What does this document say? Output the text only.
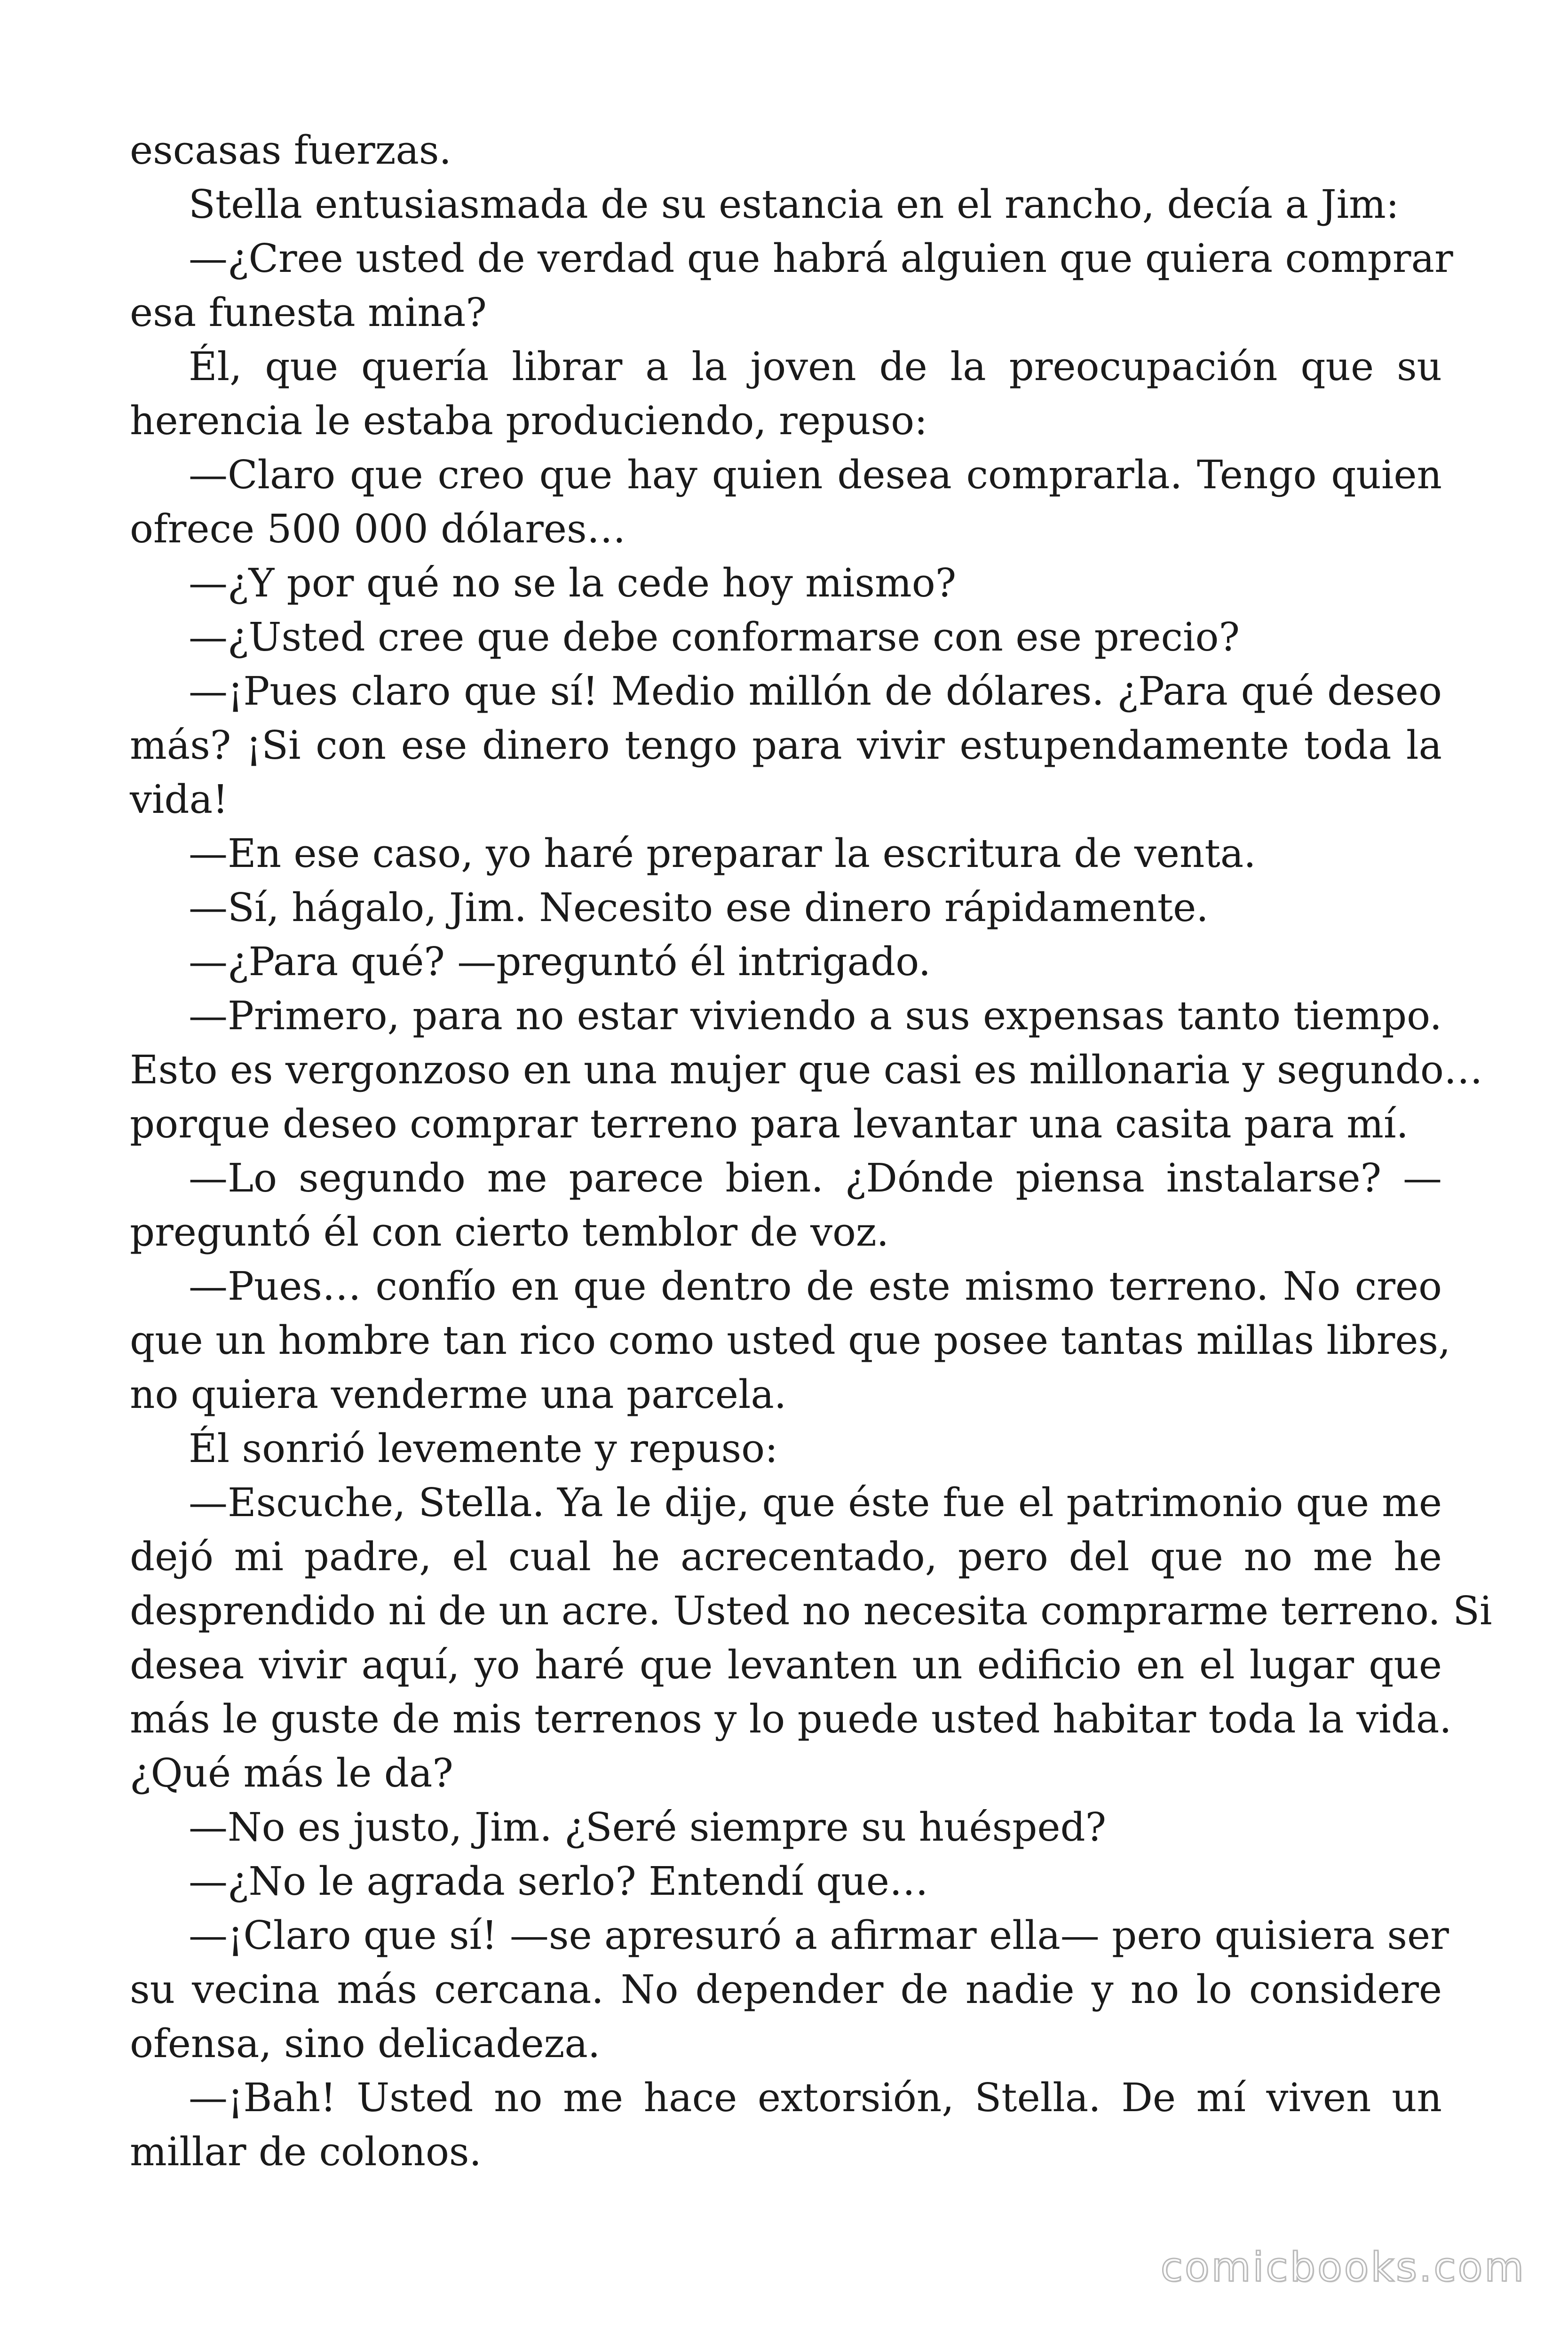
escasas fuerzas.
Stella entusiasmada de su estancia en el rancho, decía a Jim:
—¿Cree usted de verdad que habrá alguien que quiera comprar
esa funesta mina?
Él, que quería librar a la joven de la preocupación que su
herencia le estaba produciendo, repuso:
—Claro que creo que hay quien desea comprarla. Tengo quien
ofrece 500 000 dólares…
—¿Y por qué no se la cede hoy mismo?
—¿Usted cree que debe conformarse con ese precio?
—¡Pues claro que sí! Medio millón de dólares. ¿Para qué deseo
más? ¡Si con ese dinero tengo para vivir estupendamente toda la
vida!
—En ese caso, yo haré preparar la escritura de venta.
—Sí, hágalo, Jim. Necesito ese dinero rápidamente.
—¿Para qué? —preguntó él intrigado.
—Primero, para no estar viviendo a sus expensas tanto tiempo.
Esto es vergonzoso en una mujer que casi es millonaria y segundo…
porque deseo comprar terreno para levantar una casita para mí.
—Lo segundo me parece bien. ¿Dónde piensa instalarse? —
preguntó él con cierto temblor de voz.
—Pues… confío en que dentro de este mismo terreno. No creo
que un hombre tan rico como usted que posee tantas millas libres,
no quiera venderme una parcela.
Él sonrió levemente y repuso:
—Escuche, Stella. Ya le dije, que éste fue el patrimonio que me
dejó mi padre, el cual he acrecentado, pero del que no me he
desprendido ni de un acre. Usted no necesita comprarme terreno. Si
desea vivir aquí, yo haré que levanten un edificio en el lugar que
más le guste de mis terrenos y lo puede usted habitar toda la vida.
¿Qué más le da?
—No es justo, Jim. ¿Seré siempre su huésped?
—¿No le agrada serlo? Entendí que…
—¡Claro que sí! —se apresuró a afirmar ella— pero quisiera ser
su vecina más cercana. No depender de nadie y no lo considere
ofensa, sino delicadeza.
—¡Bah! Usted no me hace extorsión, Stella. De mí viven un
millar de colonos.
comicbooks.com
